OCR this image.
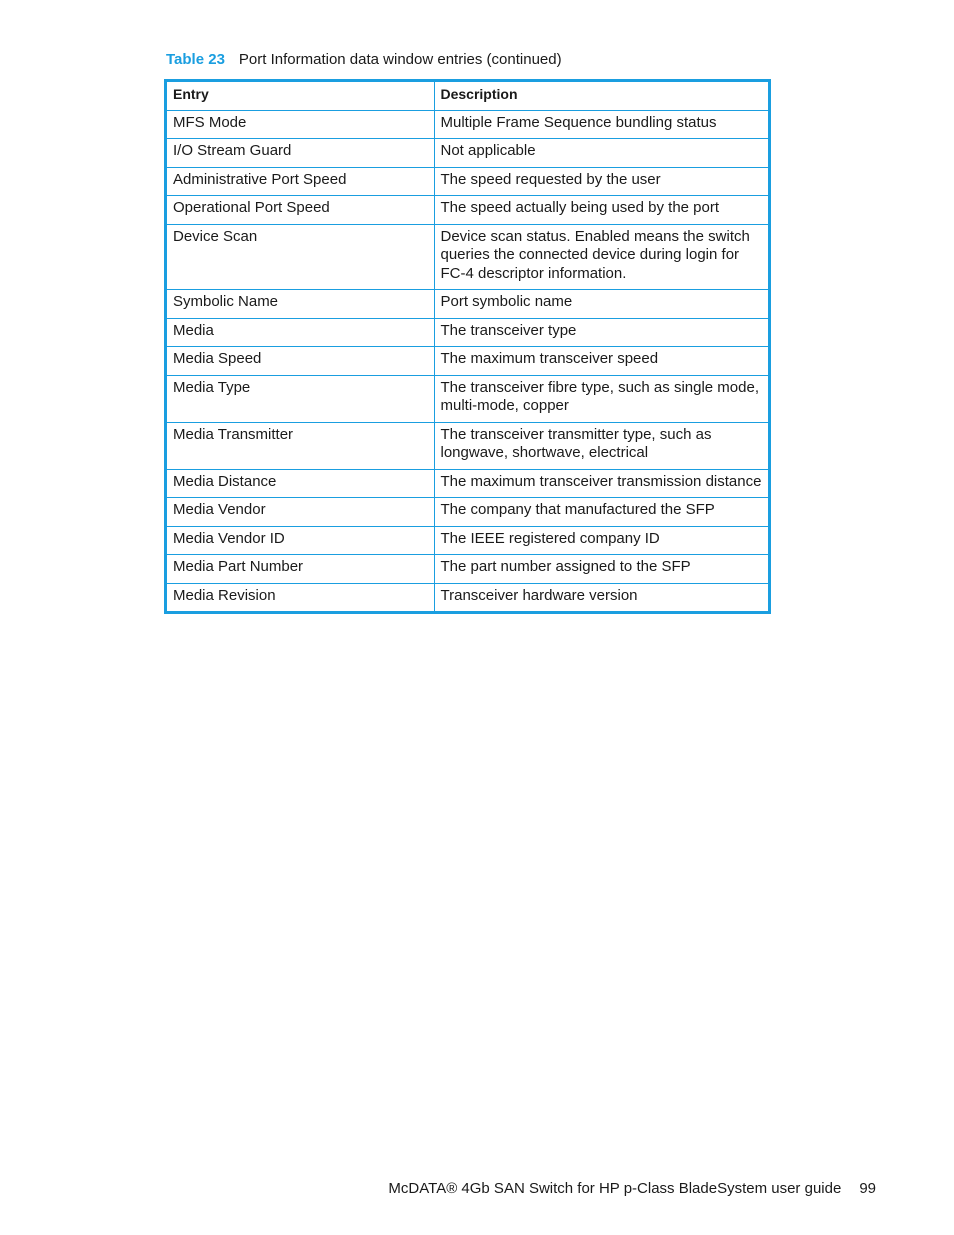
Table 23 Port Information data window entries (continued)
Entry	Description
MFS Mode	Multiple Frame Sequence bundling status
I/O Stream Guard	Not applicable
Administrative Port Speed	The speed requested by the user
Operational Port Speed	The speed actually being used by the port
Device Scan	Device scan status. Enabled means the switch queries the connected device during login for FC-4 descriptor information.
Symbolic Name	Port symbolic name
Media	The transceiver type
Media Speed	The maximum transceiver speed
Media Type	The transceiver fibre type, such as single mode, multi-mode, copper
Media Transmitter	The transceiver transmitter type, such as longwave, shortwave, electrical
Media Distance	The maximum transceiver transmission distance
Media Vendor	The company that manufactured the SFP
Media Vendor ID	The IEEE registered company ID
Media Part Number	The part number assigned to the SFP
Media Revision	Transceiver hardware version
McDATA® 4Gb SAN Switch for HP p-Class BladeSystem user guide 99
